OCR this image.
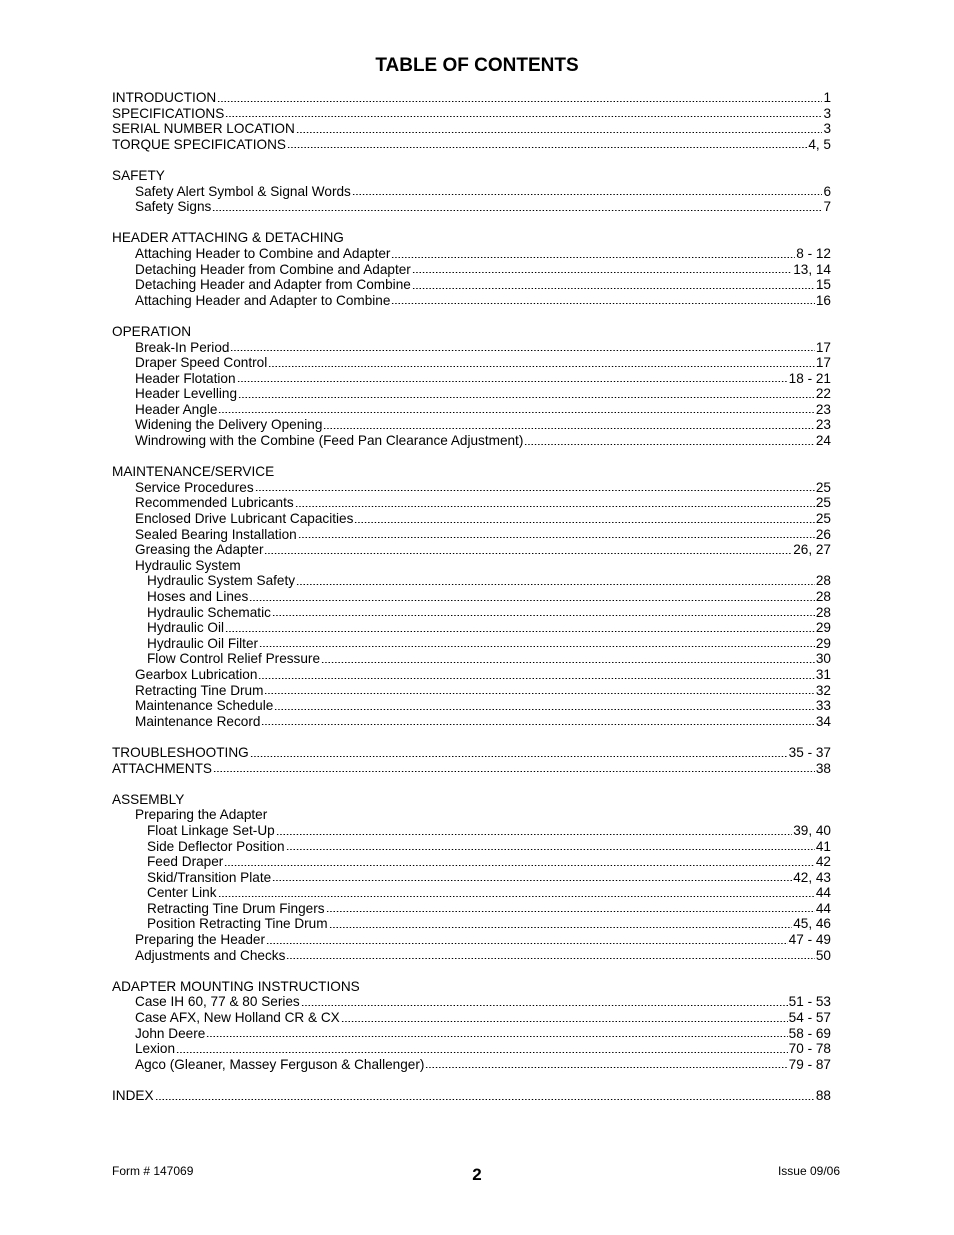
TABLE OF CONTENTS
INTRODUCTION	1
SPECIFICATIONS	3
SERIAL NUMBER LOCATION	3
TORQUE SPECIFICATIONS	4, 5
SAFETY
Safety Alert Symbol & Signal Words	6
Safety Signs	7
HEADER ATTACHING & DETACHING
Attaching Header to Combine and Adapter	8 - 12
Detaching Header from Combine and Adapter	13, 14
Detaching Header and Adapter from Combine	15
Attaching Header and Adapter to Combine	16
OPERATION
Break-In Period	17
Draper Speed Control	17
Header Flotation	18 - 21
Header Levelling	22
Header Angle	23
Widening the Delivery Opening	23
Windrowing with the Combine (Feed Pan Clearance Adjustment)	24
MAINTENANCE/SERVICE
Service Procedures	25
Recommended Lubricants	25
Enclosed Drive Lubricant Capacities	25
Sealed Bearing Installation	26
Greasing the Adapter	26, 27
Hydraulic System
Hydraulic System Safety	28
Hoses and Lines	28
Hydraulic Schematic	28
Hydraulic Oil	29
Hydraulic Oil Filter	29
Flow Control Relief Pressure	30
Gearbox Lubrication	31
Retracting Tine Drum	32
Maintenance Schedule	33
Maintenance Record	34
TROUBLESHOOTING	35 - 37
ATTACHMENTS	38
ASSEMBLY
Preparing the Adapter
Float Linkage Set-Up	39, 40
Side Deflector Position	41
Feed Draper	42
Skid/Transition Plate	42, 43
Center Link	44
Retracting Tine Drum Fingers	44
Position Retracting Tine Drum	45, 46
Preparing the Header	47 - 49
Adjustments and Checks	50
ADAPTER MOUNTING INSTRUCTIONS
Case IH 60, 77 & 80 Series	51 - 53
Case AFX, New Holland CR & CX	54 - 57
John Deere	58 - 69
Lexion	70 - 78
Agco (Gleaner, Massey Ferguson & Challenger)	79 - 87
INDEX	88
Form # 147069	2	Issue 09/06
